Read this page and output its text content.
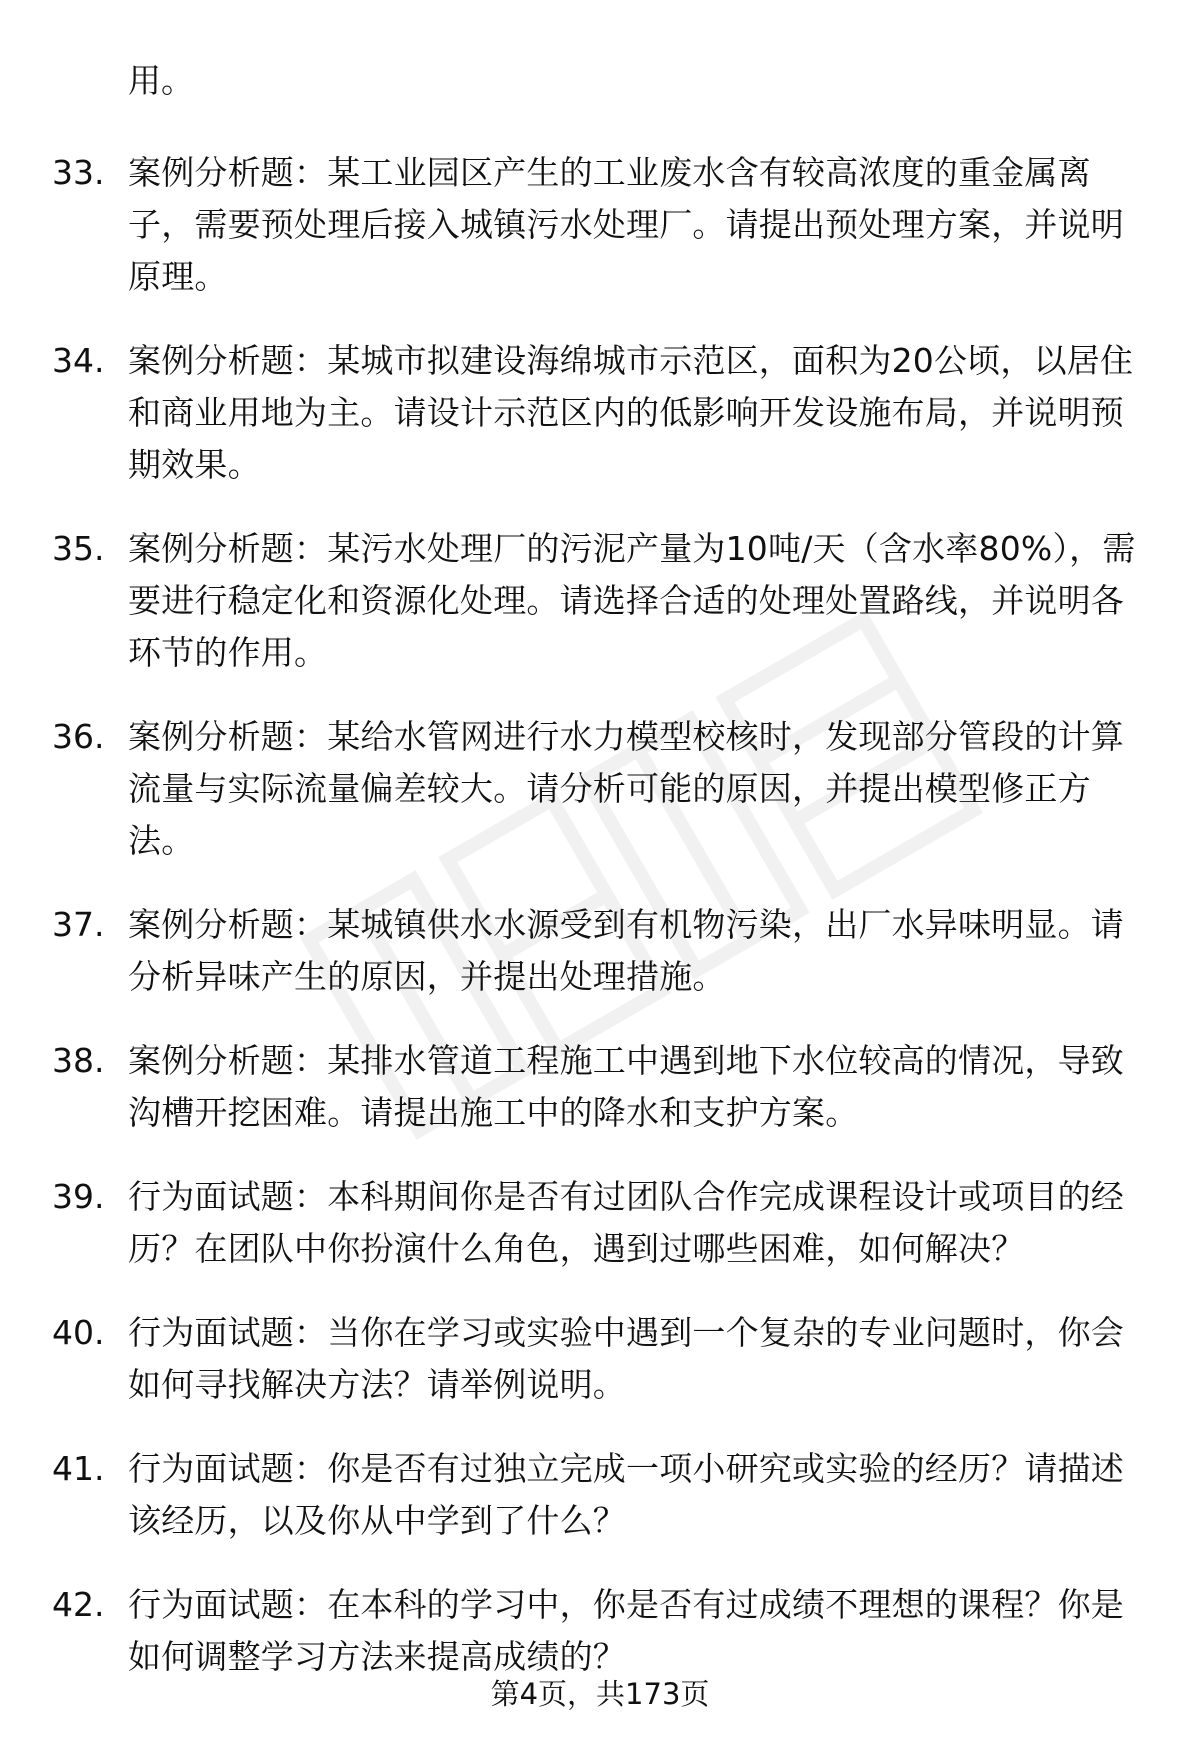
用。
33. 案例分析题：某工业园区产生的工业废水含有较高浓度的重金属离子，需要预处理后接入城镇污水处理厂。请提出预处理方案，并说明原理。
34. 案例分析题：某城市拟建设海绵城市示范区，面积为20公顷，以居住和商业用地为主。请设计示范区内的低影响开发设施布局，并说明预期效果。
35. 案例分析题：某污水处理厂的污泥产量为10吨/天（含水率80%），需要进行稳定化和资源化处理。请选择合适的处理处置路线，并说明各环节的作用。
36. 案例分析题：某给水管网进行水力模型校核时，发现部分管段的计算流量与实际流量偏差较大。请分析可能的原因，并提出模型修正方法。
37. 案例分析题：某城镇供水水源受到有机物污染，出厂水异味明显。请分析异味产生的原因，并提出处理措施。
38. 案例分析题：某排水管道工程施工中遇到地下水位较高的情况，导致沟槽开挖困难。请提出施工中的降水和支护方案。
39. 行为面试题：本科期间你是否有过团队合作完成课程设计或项目的经历？在团队中你扮演什么角色，遇到过哪些困难，如何解决？
40. 行为面试题：当你在学习或实验中遇到一个复杂的专业问题时，你会如何寻找解决方法？请举例说明。
41. 行为面试题：你是否有过独立完成一项小研究或实验的经历？请描述该经历，以及你从中学到了什么？
42. 行为面试题：在本科的学习中，你是否有过成绩不理想的课程？你是如何调整学习方法来提高成绩的？
第4页，共173页
